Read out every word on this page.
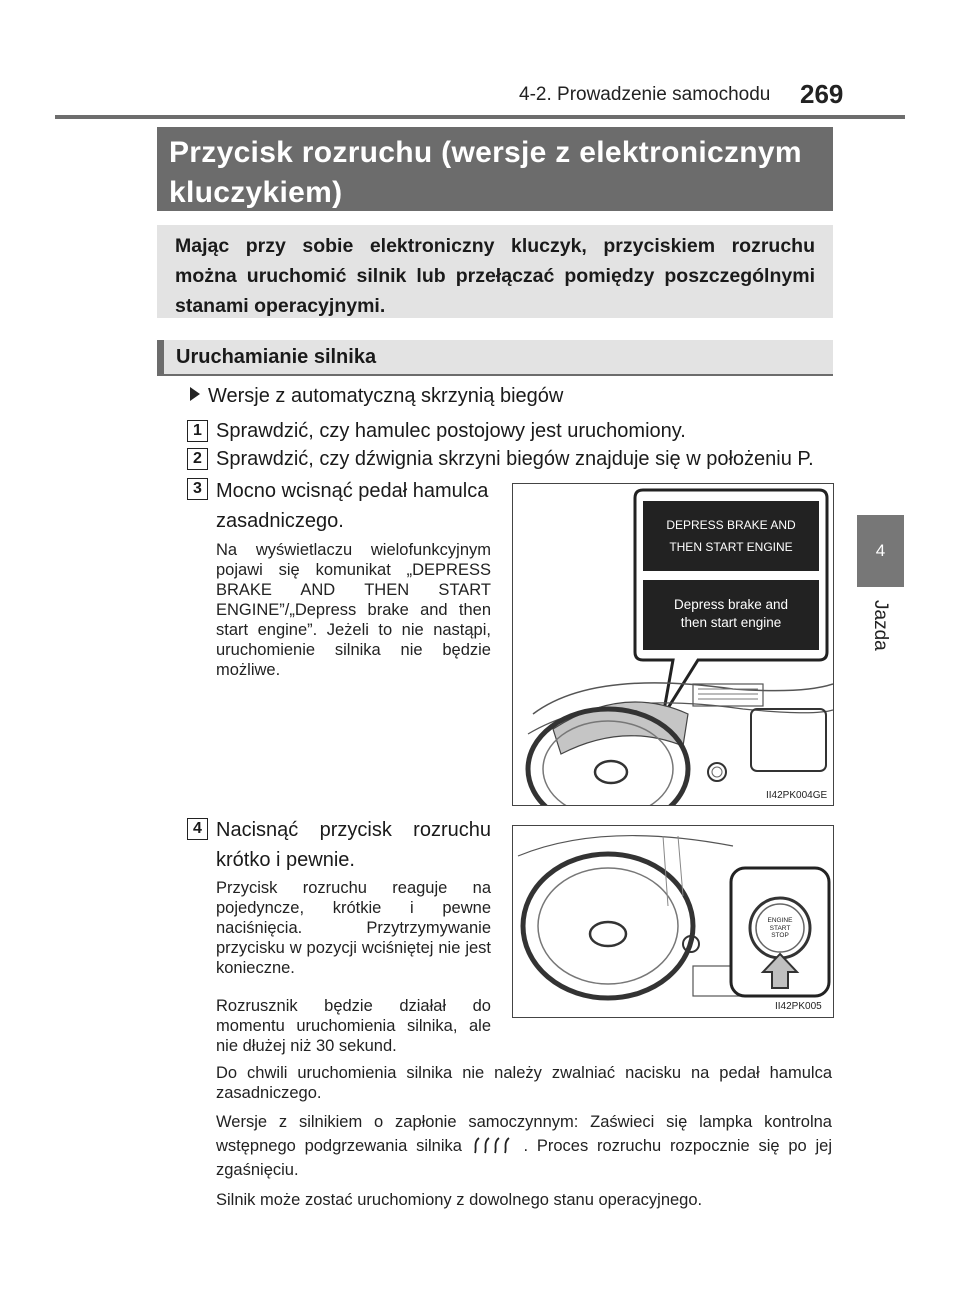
4-2. Prowadzenie samochodu 269
4
Jazda
Przycisk rozruchu (wersje z elektronicznym kluczykiem)
Mając przy sobie elektroniczny kluczyk, przyciskiem rozruchu można uruchomić silnik lub przełączać pomiędzy poszczególnymi stanami operacyjnymi.
Uruchamianie silnika
Wersje z automatyczną skrzynią biegów
1 Sprawdzić, czy hamulec postojowy jest uruchomiony.
2 Sprawdzić, czy dźwignia skrzyni biegów znajduje się w położeniu P.
3 Mocno wcisnąć pedał hamulca
zasadniczego.
Na wyświetlaczu wielofunkcyjnym pojawi się komunikat „DEPRESS BRAKE AND THEN START ENGINE”/„Depress brake and then start engine”. Jeżeli to nie nastąpi, uruchomienie silnika nie będzie możliwe.
DEPRESS BRAKE AND
THEN START ENGINE
Depress brake and
then start engine
II42PK004GE
4 Nacisnąć przycisk rozruchu
krótko i pewnie.
Przycisk rozruchu reaguje na pojedyncze, krótkie i pewne naciśnięcia. Przytrzymywanie przycisku w pozycji wciśniętej nie jest konieczne.
Rozrusznik będzie działał do momentu uruchomienia silnika, ale nie dłużej niż 30 sekund.
ENGINE
START
STOP
II42PK005
Do chwili uruchomienia silnika nie należy zwalniać nacisku na pedał hamulca zasadniczego.
Wersje z silnikiem o zapłonie samoczynnym: Zaświeci się lampka kontrolna wstępnego podgrzewania silnika	. Proces rozruchu rozpocznie się po jej zgaśnięciu.
Silnik może zostać uruchomiony z dowolnego stanu operacyjnego.
